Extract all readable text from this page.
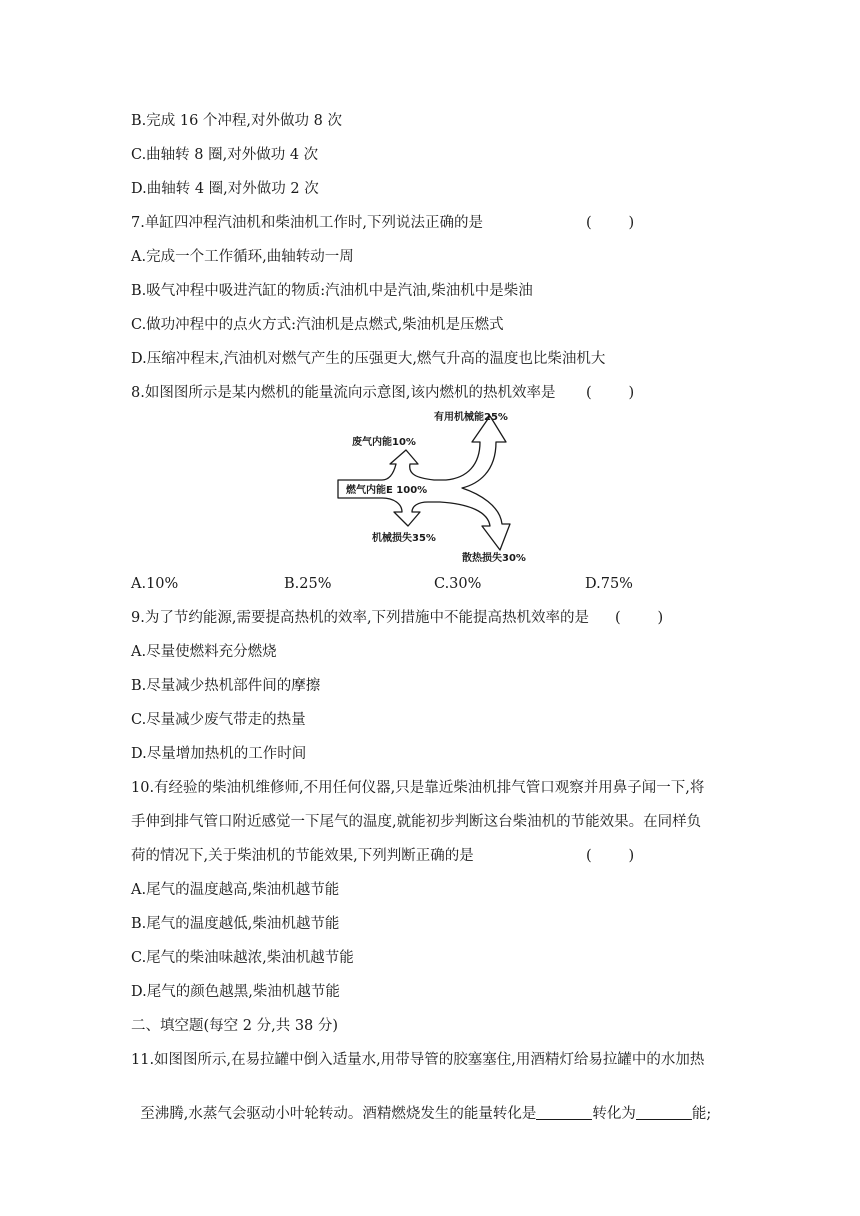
B.完成 16 个冲程,对外做功 8 次
C.曲轴转 8 圈,对外做功 4 次
D.曲轴转 4 圈,对外做功 2 次
7.单缸四冲程汽油机和柴油机工作时,下列说法正确的是	(        )
A.完成一个工作循环,曲轴转动一周
B.吸气冲程中吸进汽缸的物质:汽油机中是汽油,柴油机中是柴油
C.做功冲程中的点火方式:汽油机是点燃式,柴油机是压燃式
D.压缩冲程末,汽油机对燃气产生的压强更大,燃气升高的温度也比柴油机大
8.如图图所示是某内燃机的能量流向示意图,该内燃机的热机效率是 (        )
有用机械能25%
废气内能10%
燃气内能E 100%
机械损失35%
散热损失30%
A.10%	B.25%	C.30%	D.75%
9.为了节约能源,需要提高热机的效率,下列措施中不能提高热机效率的是 (        )
A.尽量使燃料充分燃烧
B.尽量减少热机部件间的摩擦
C.尽量减少废气带走的热量
D.尽量增加热机的工作时间
10.有经验的柴油机维修师,不用任何仪器,只是靠近柴油机排气管口观察并用鼻子闻一下,将
手伸到排气管口附近感觉一下尾气的温度,就能初步判断这台柴油机的节能效果。在同样负
荷的情况下,关于柴油机的节能效果,下列判断正确的是	(        )
A.尾气的温度越高,柴油机越节能
B.尾气的温度越低,柴油机越节能
C.尾气的柴油味越浓,柴油机越节能
D.尾气的颜色越黑,柴油机越节能
二、填空题(每空 2 分,共 38 分)
11.如图图所示,在易拉罐中倒入适量水,用带导管的胶塞塞住,用酒精灯给易拉罐中的水加热

至沸腾,水蒸气会驱动小叶轮转动。酒精燃烧发生的能量转化是	转化为	能;
